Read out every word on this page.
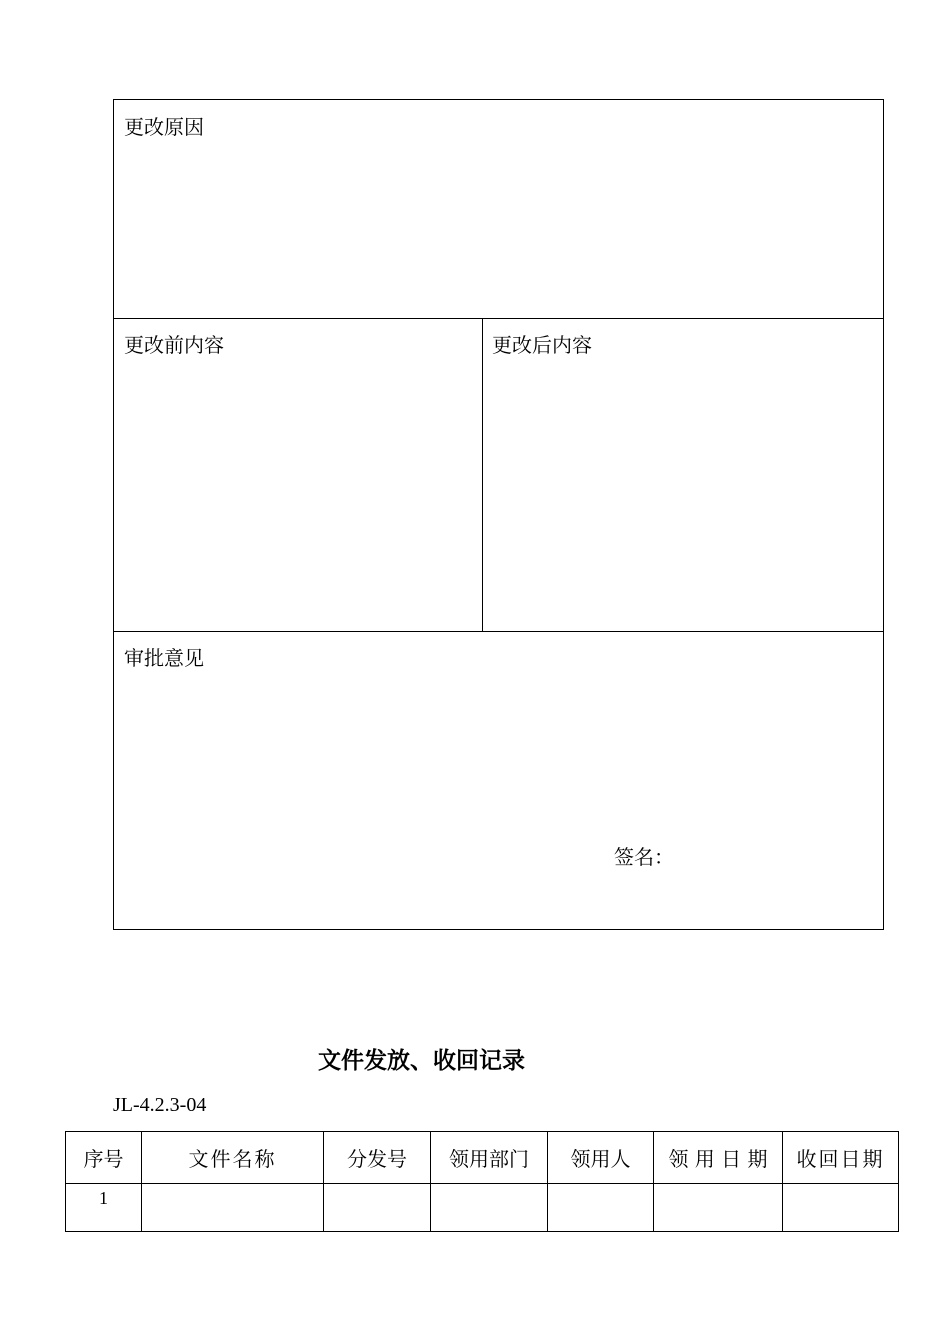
更改原因
更改前内容	更改后内容
审批意见
签名：
文件发放、收回记录
JL-4.2.3-04
序号	文件名称	分发号	领用部门	领用人	领 用 日 期	收回日期
1						
